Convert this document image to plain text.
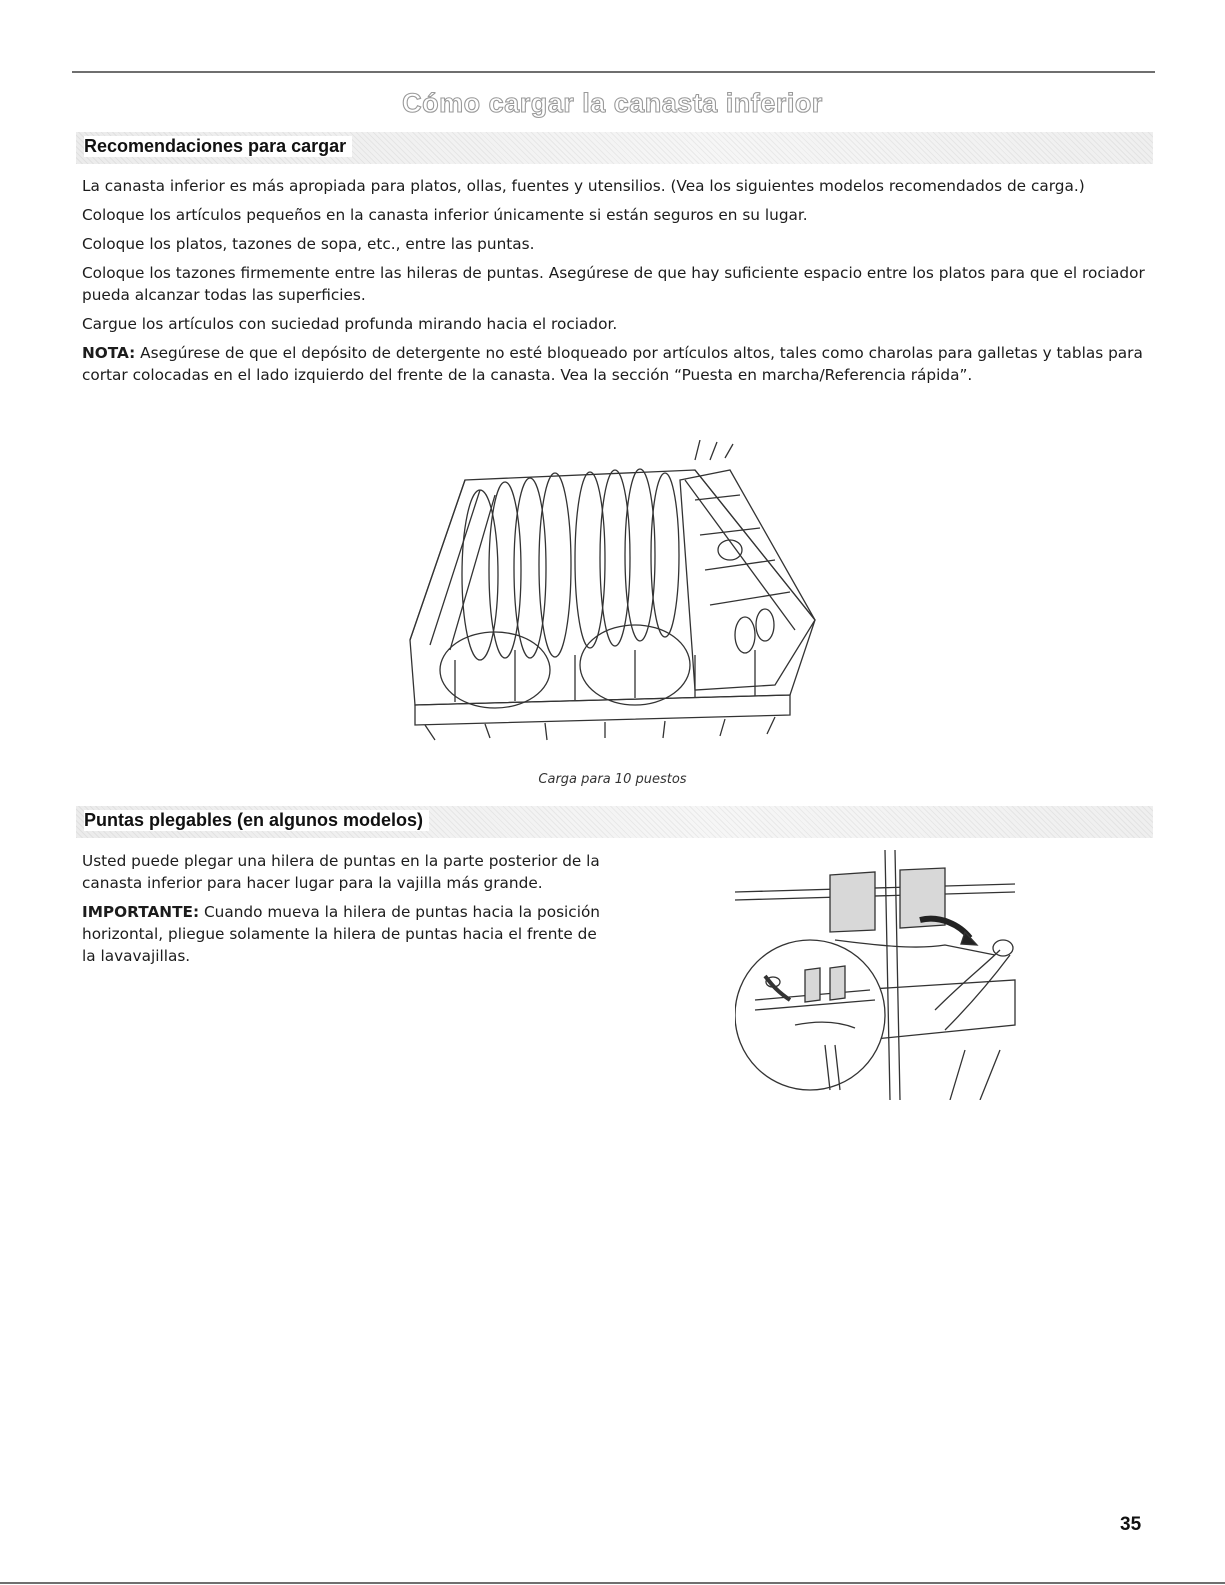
Cómo cargar la canasta inferior
Recomendaciones para cargar

La canasta inferior es más apropiada para platos, ollas, fuentes y utensilios. (Vea los siguientes modelos recomendados de carga.)

Coloque los artículos pequeños en la canasta inferior únicamente si están seguros en su lugar.

Coloque los platos, tazones de sopa, etc., entre las puntas.

Coloque los tazones firmemente entre las hileras de puntas. Asegúrese de que hay suficiente espacio entre los platos para que el rociador pueda alcanzar todas las superficies.

Cargue los artículos con suciedad profunda mirando hacia el rociador.

NOTA: Asegúrese de que el depósito de detergente no esté bloqueado por artículos altos, tales como charolas para galletas y tablas para cortar colocadas en el lado izquierdo del frente de la canasta. Vea la sección “Puesta en marcha/Referencia rápida”.

Carga para 10 puestos
Puntas plegables (en algunos modelos)

Usted puede plegar una hilera de puntas en la parte posterior de la canasta inferior para hacer lugar para la vajilla más grande.

IMPORTANTE: Cuando mueva la hilera de puntas hacia la posición horizontal, pliegue solamente la hilera de puntas hacia el frente de la lavavajillas.

35
